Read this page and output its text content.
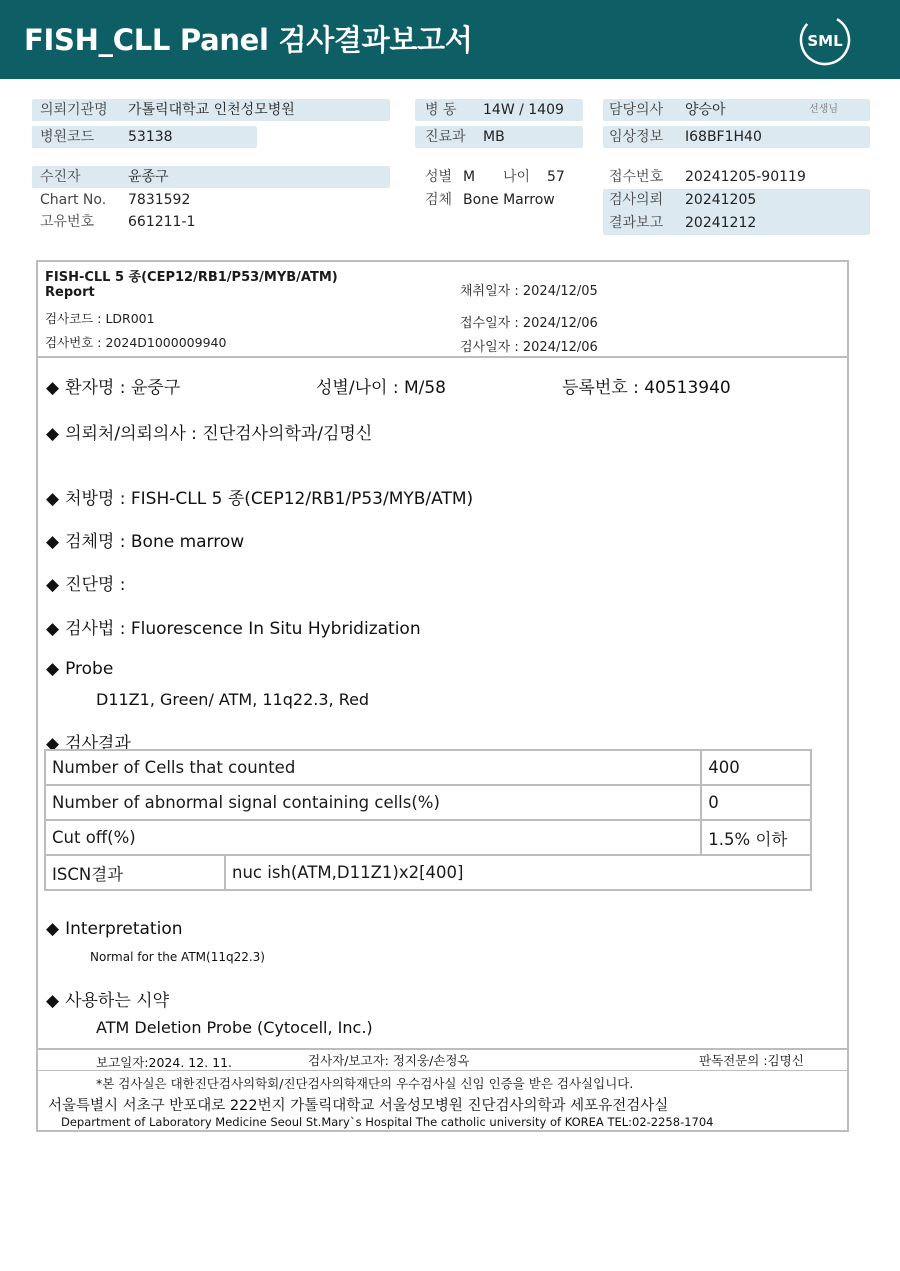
FISH_CLL Panel 검사결과보고서	SML
의뢰기관명 가톨릭대학교 인천성모병원	병 동 14W / 1409	담당의사 양승아	선생님
병원코드 53138	진료과 MB	임상정보 I68BF1H40
수진자	윤종구
Chart No. 7831592
고유번호 661211-1
성별 M 나이 57
검체 Bone Marrow
접수번호 20241205-90119
검사의뢰 20241205
결과보고 20241212
FISH-CLL 5 종(CEP12/RB1/P53/MYB/ATM)
Report
검사코드 : LDR001
검사번호 : 2024D1000009940
채취일자 : 2024/12/05
접수일자 : 2024/12/06
검사일자 : 2024/12/06
◆ 환자명 : 윤중구	성별/나이 : M/58	등록번호 : 40513940
◆ 의뢰처/의뢰의사 : 진단검사의학과/김명신
◆ 처방명 : FISH-CLL 5 종(CEP12/RB1/P53/MYB/ATM)
◆ 검체명 : Bone marrow
◆ 진단명 :
◆ 검사법 : Fluorescence In Situ Hybridization
◆ Probe
D11Z1, Green/ ATM, 11q22.3, Red
◆ 검사결과
Number of Cells that counted		400
Number of abnormal signal containing cells(%)		0
Cut off(%)		1.5% 이하
ISCN결과	nuc ish(ATM,D11Z1)x2[400]	
◆ Interpretation
Normal for the ATM(11q22.3)
◆ 사용하는 시약
ATM Deletion Probe (Cytocell, Inc.)
보고일자:2024. 12. 11.	검사자/보고자: 정지웅/손정옥	판독전문의 :김명신
*본 검사실은 대한진단검사의학회/진단검사의학재단의 우수검사실 신임 인증을 받은 검사실입니다.
서울특별시 서초구 반포대로 222번지 가톨릭대학교 서울성모병원 진단검사의학과 세포유전검사실
Department of Laboratory Medicine Seoul St.Mary`s Hospital The catholic university of KOREA TEL:02-2258-1704
